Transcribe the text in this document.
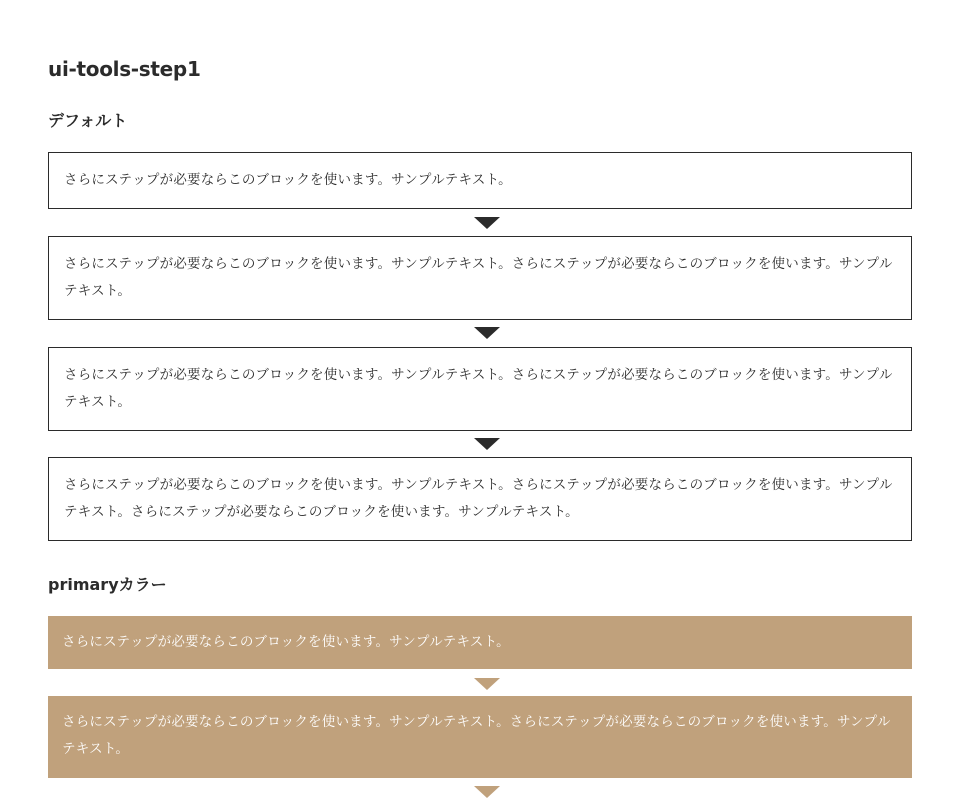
ui-tools-step1
デフォルト
さらにステップが必要ならこのブロックを使います。サンプルテキスト。
さらにステップが必要ならこのブロックを使います。サンプルテキスト。さらにステップが必要ならこのブロックを使います。サンプルテキスト。
さらにステップが必要ならこのブロックを使います。サンプルテキスト。さらにステップが必要ならこのブロックを使います。サンプルテキスト。
さらにステップが必要ならこのブロックを使います。サンプルテキスト。さらにステップが必要ならこのブロックを使います。サンプルテキスト。さらにステップが必要ならこのブロックを使います。サンプルテキスト。
primaryカラー
さらにステップが必要ならこのブロックを使います。サンプルテキスト。
さらにステップが必要ならこのブロックを使います。サンプルテキスト。さらにステップが必要ならこのブロックを使います。サンプルテキスト。
